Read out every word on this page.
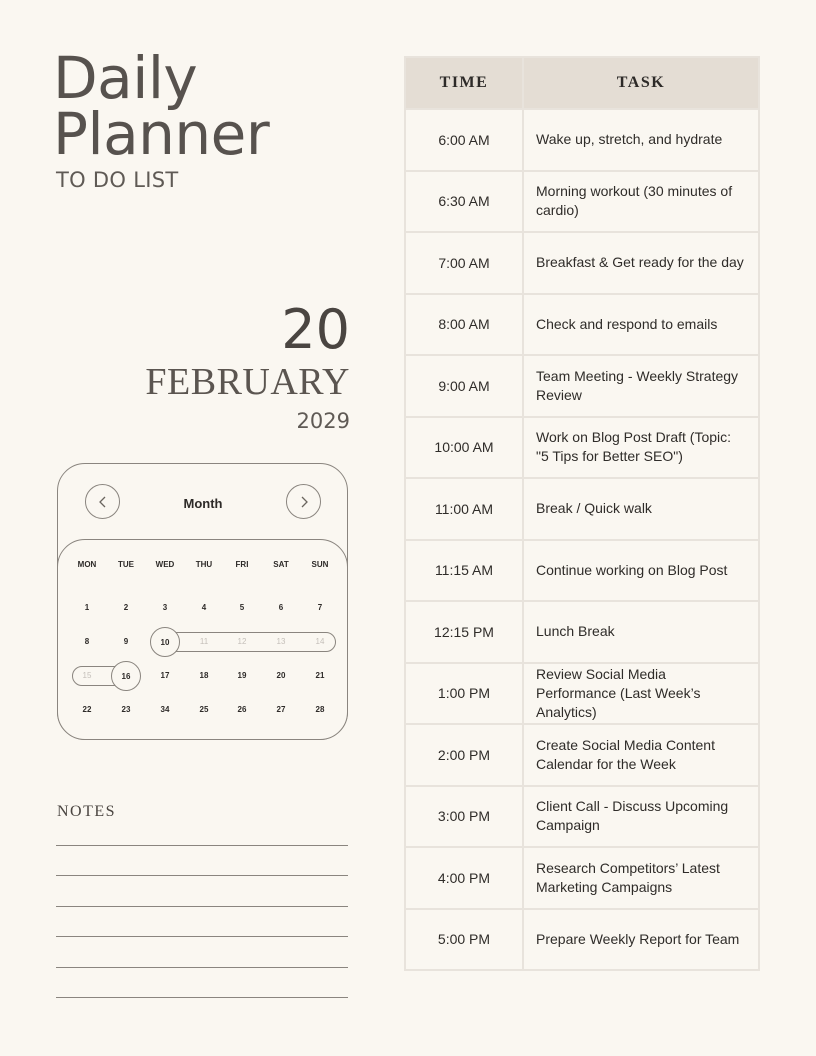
Daily
Planner
TO DO LIST
20
FEBRUARY
2029
Month
MON	TUE	WED	THU	FRI	SAT	SUN
1	2	3	4	5	6	7
8	9	10	11	12	13	14
15	16	17	18	19	20	21
22	23	34	25	26	27	28
NOTES
TIME	TASK
6:00 AM	Wake up, stretch, and hydrate
6:30 AM	Morning workout (30 minutes of cardio)
7:00 AM	Breakfast & Get ready for the day
8:00 AM	Check and respond to emails
9:00 AM	Team Meeting - Weekly Strategy Review
10:00 AM	Work on Blog Post Draft (Topic: "5 Tips for Better SEO")
11:00 AM	Break / Quick walk
11:15 AM	Continue working on Blog Post
12:15 PM	Lunch Break
1:00 PM	Review Social Media Performance (Last Week’s Analytics)
2:00 PM	Create Social Media Content Calendar for the Week
3:00 PM	Client Call - Discuss Upcoming Campaign
4:00 PM	Research Competitors’ Latest Marketing Campaigns
5:00 PM	Prepare Weekly Report for Team
